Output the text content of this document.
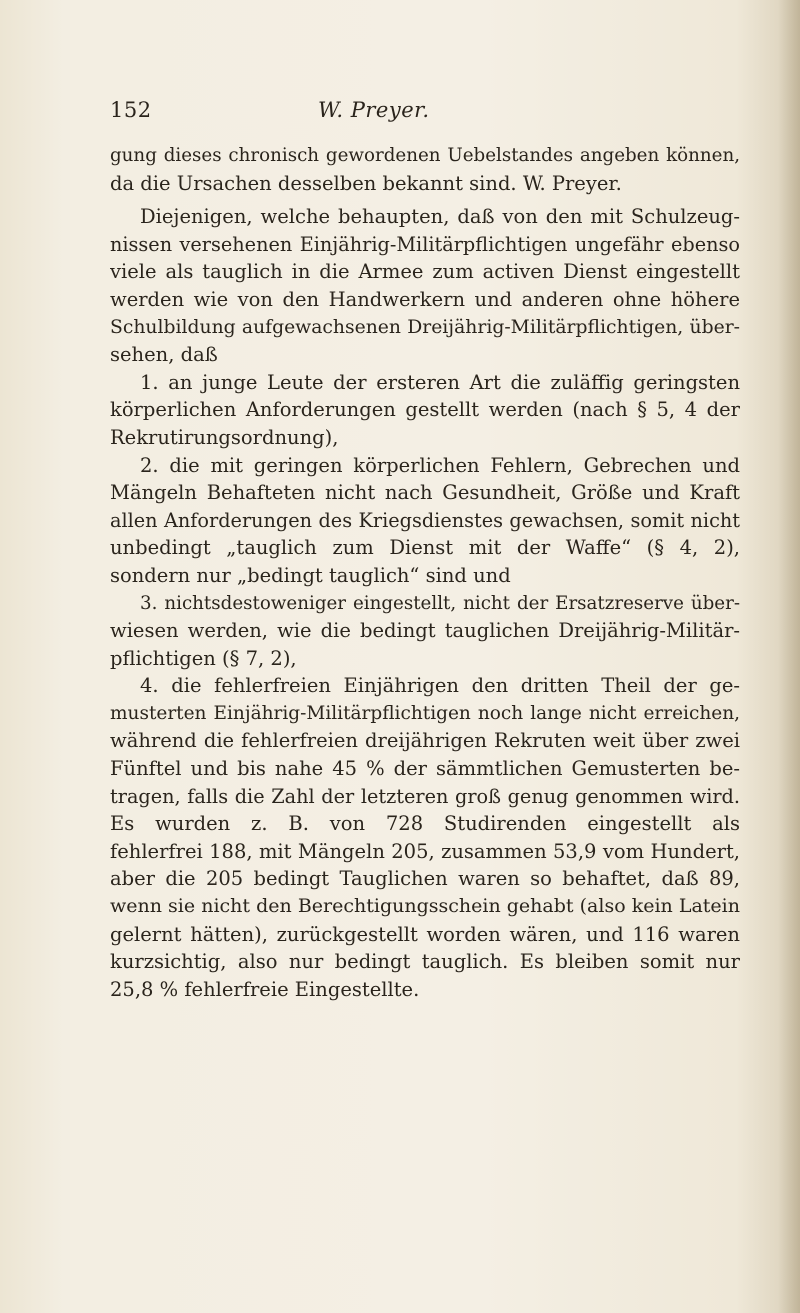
152	W. Preyer.
gung dieses chronisch gewordenen Uebelstandes angeben können,
da die Ursachen desselben bekannt sind. W. Preyer.
Diejenigen, welche behaupten, daß von den mit Schulzeug-
nissen versehenen Einjährig-Militärpflichtigen ungefähr ebenso
viele als tauglich in die Armee zum activen Dienst eingestellt
werden wie von den Handwerkern und anderen ohne höhere
Schulbildung aufgewachsenen Dreijährig-Militärpflichtigen, über-
sehen, daß
1. an junge Leute der ersteren Art die zuläffig geringsten
körperlichen Anforderungen gestellt werden (nach § 5, 4 der
Rekrutirungsordnung),
2. die mit geringen körperlichen Fehlern, Gebrechen und
Mängeln Behafteten nicht nach Gesundheit, Größe und Kraft
allen Anforderungen des Kriegsdienstes gewachsen, somit nicht
unbedingt „tauglich zum Dienst mit der Waffe“ (§ 4, 2),
sondern nur „bedingt tauglich“ sind und
3. nichtsdestoweniger eingestellt, nicht der Ersatzreserve über-
wiesen werden, wie die bedingt tauglichen Dreijährig-Militär-
pflichtigen (§ 7, 2),
4. die fehlerfreien Einjährigen den dritten Theil der ge-
musterten Einjährig-Militärpflichtigen noch lange nicht erreichen,
während die fehlerfreien dreijährigen Rekruten weit über zwei
Fünftel und bis nahe 45 % der sämmtlichen Gemusterten be-
tragen, falls die Zahl der letzteren groß genug genommen wird.
Es wurden z. B. von 728 Studirenden eingestellt als
fehlerfrei 188, mit Mängeln 205, zusammen 53,9 vom Hundert,
aber die 205 bedingt Tauglichen waren so behaftet, daß 89,
wenn sie nicht den Berechtigungsschein gehabt (also kein Latein
gelernt hätten), zurückgestellt worden wären, und 116 waren
kurzsichtig, also nur bedingt tauglich. Es bleiben somit nur
25,8 % fehlerfreie Eingestellte.
